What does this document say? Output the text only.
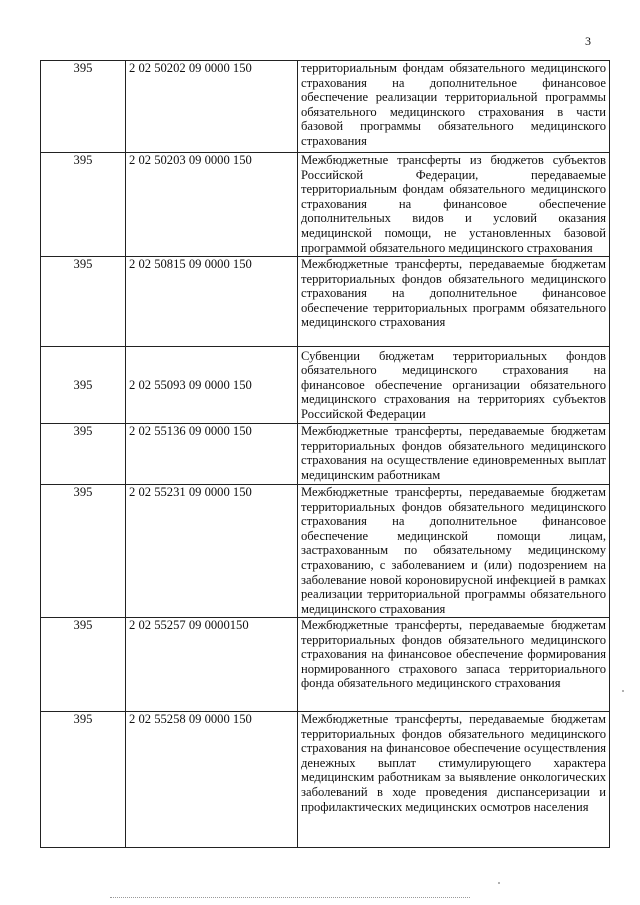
3
395	2 02 50202 09 0000 150	территориальным фондам обязательного медицинского страхования на дополнительное финансовое обеспечение реализации территориальной программы обязательного медицинского страхования в части базовой программы обязательного медицинского страхования
395	2 02 50203 09 0000 150	Межбюджетные трансферты из бюджетов субъектов Российской Федерации, передаваемые территориальным фондам обязательного медицинского страхования на финансовое обеспечение дополнительных видов и условий оказания медицинской помощи, не установленных базовой программой обязательного медицинского страхования
395	2 02 50815 09 0000 150	Межбюджетные трансферты, передаваемые бюджетам территориальных фондов обязательного медицинского страхования на дополнительное финансовое обеспечение территориальных программ обязательного медицинского страхования
395	2 02 55093 09 0000 150	Субвенции бюджетам территориальных фондов обязательного медицинского страхования на финансовое обеспечение организации обязательного медицинского страхования на территориях субъектов Российской Федерации
395	2 02 55136 09 0000 150	Межбюджетные трансферты, передаваемые бюджетам территориальных фондов обязательного медицинского страхования на осуществление единовременных выплат медицинским работникам
395	2 02 55231 09 0000 150	Межбюджетные трансферты, передаваемые бюджетам территориальных фондов обязательного медицинского страхования на дополнительное финансовое обеспечение медицинской помощи лицам, застрахованным по обязательному медицинскому страхованию, с заболеванием и (или) подозрением на заболевание новой короновирусной инфекцией в рамках реализации территориальной программы обязательного медицинского страхования
395	2 02 55257 09 0000150	Межбюджетные трансферты, передаваемые бюджетам территориальных фондов обязательного медицинского страхования на финансовое обеспечение формирования нормированного страхового запаса территориального фонда обязательного медицинского страхования
395	2 02 55258 09 0000 150	Межбюджетные трансферты, передаваемые бюджетам территориальных фондов обязательного медицинского страхования на финансовое обеспечение осуществления денежных выплат стимулирующего характера медицинским работникам за выявление онкологических заболеваний в ходе проведения диспансеризации и профилактических медицинских осмотров населения
